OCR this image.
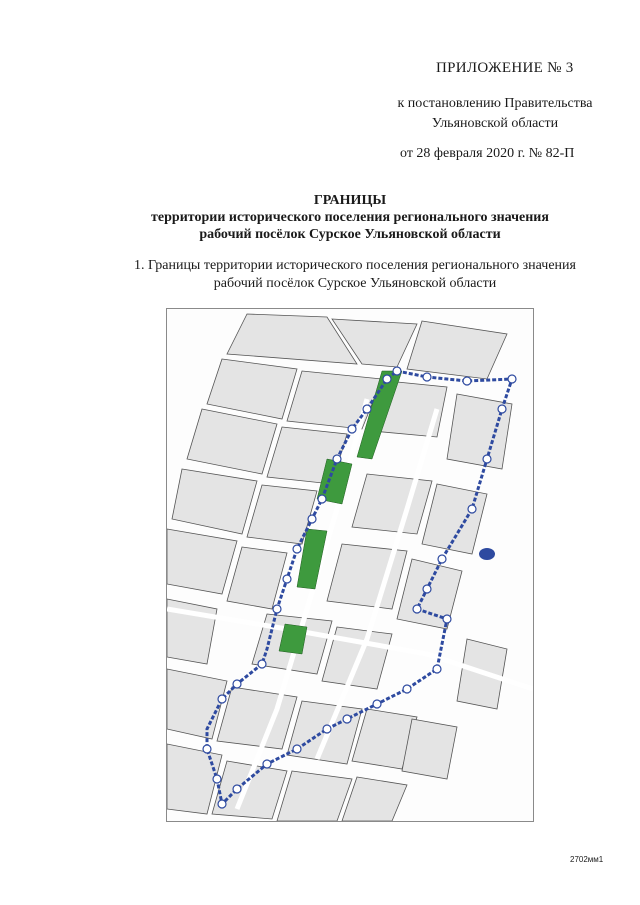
ПРИЛОЖЕНИЕ № 3
к постановлению Правительства
Ульяновской области
от 28 февраля 2020 г. № 82-П
ГРАНИЦЫ
территории исторического поселения регионального значения
рабочий посёлок Сурское Ульяновской области
1. Границы территории исторического поселения регионального значения
рабочий посёлок Сурское Ульяновской области
2702мм1
